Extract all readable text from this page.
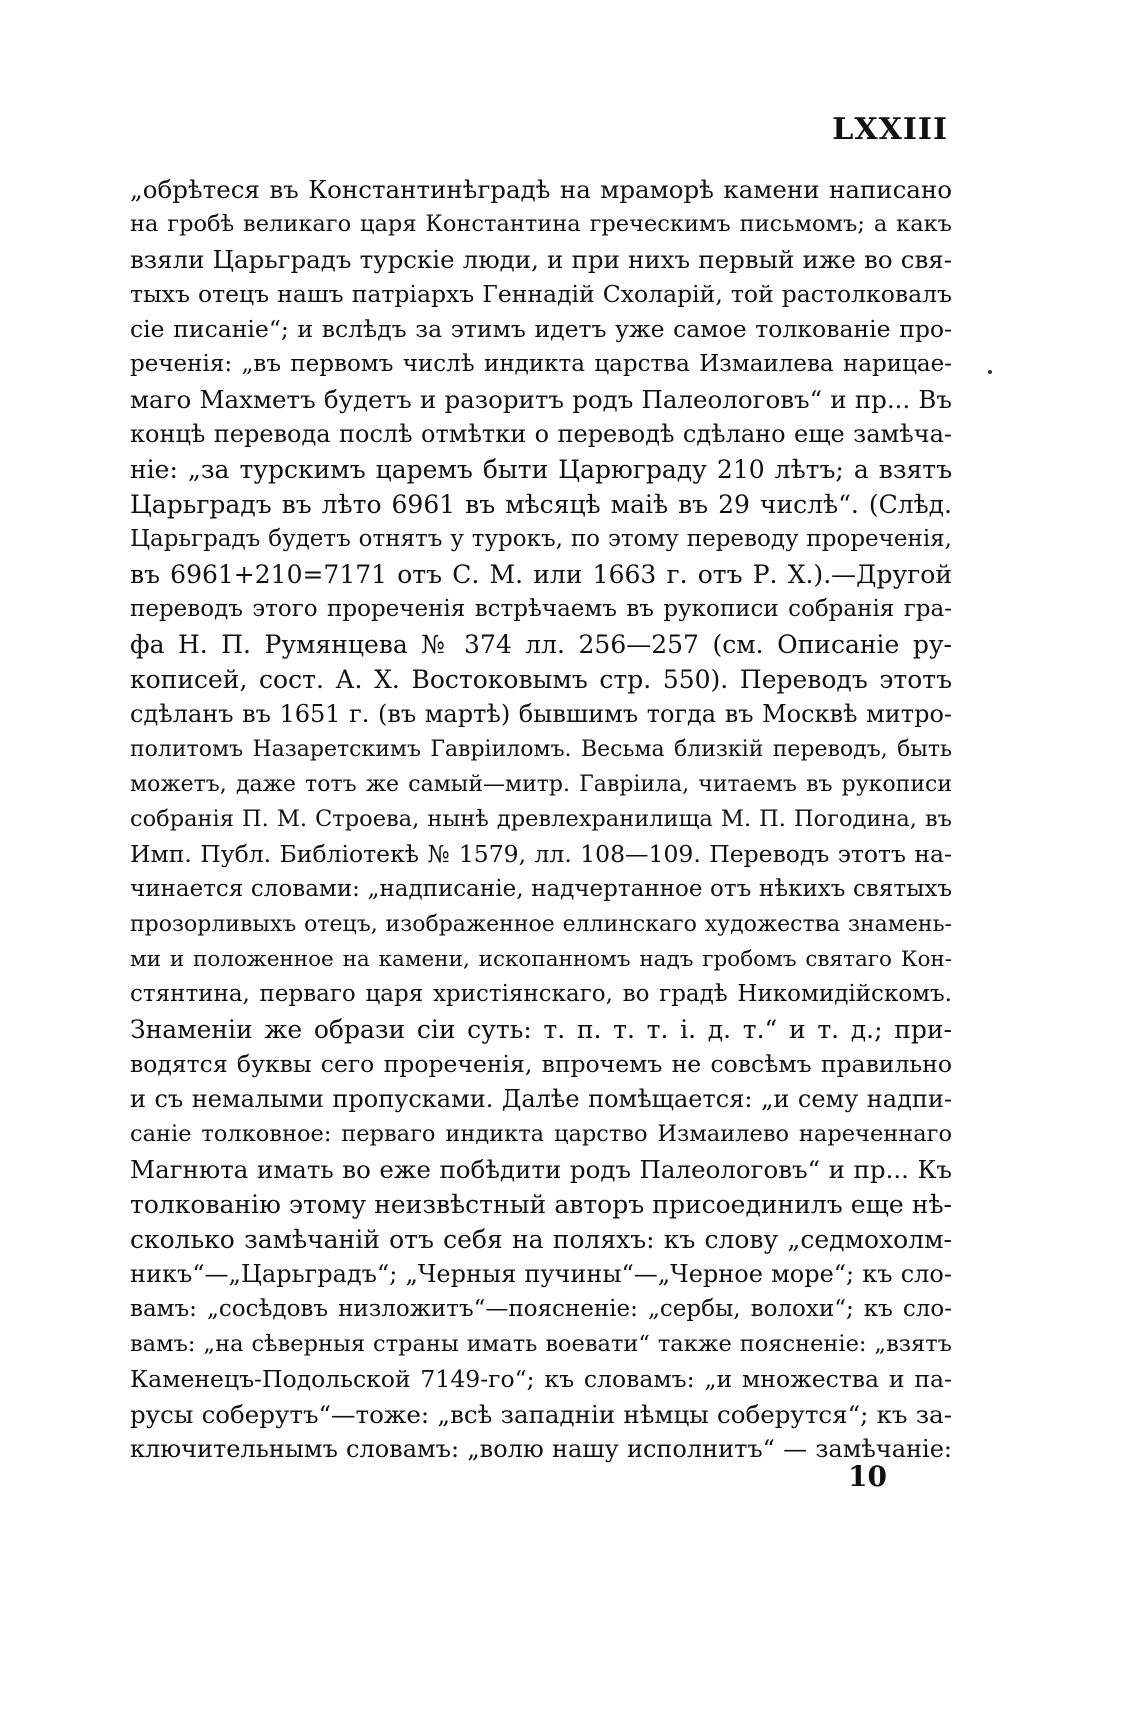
LXXIII
„обрѣтеся въ Константинѣградѣ на мраморѣ камени написано
на гробѣ великаго царя Константина греческимъ письмомъ; а какъ
взяли Царьградъ турскіе люди, и при нихъ первый иже во свя-
тыхъ отецъ нашъ патріархъ Геннадій Схоларій, той растолковалъ
сіе писаніе“; и вслѣдъ за этимъ идетъ уже самое толкованіе про-
реченія: „въ первомъ числѣ индикта царства Измаилева нарицае-
маго Махметъ будетъ и разоритъ родъ Палеологовъ“ и пр... Въ
концѣ перевода послѣ отмѣтки о переводѣ сдѣлано еще замѣча-
ніе: „за турскимъ царемъ быти Царюграду 210 лѣтъ; а взятъ
Царьградъ въ лѣто 6961 въ мѣсяцѣ маіѣ въ 29 числѣ“. (Слѣд.
Царьградъ будетъ отнятъ у турокъ, по этому переводу прореченія,
въ 6961+210=7171 отъ С. М. или 1663 г. отъ Р. Х.).—Другой
переводъ этого прореченія встрѣчаемъ въ рукописи собранія гра-
фа Н. П. Румянцева № 374 лл. 256—257 (см. Описаніе ру-
кописей, сост. А. Х. Востоковымъ стр. 550). Переводъ этотъ
сдѣланъ въ 1651 г. (въ мартѣ) бывшимъ тогда въ Москвѣ митро-
политомъ Назаретскимъ Гавріиломъ. Весьма близкій переводъ, быть
можетъ, даже тотъ же самый—митр. Гавріила, читаемъ въ рукописи
собранія П. М. Строева, нынѣ древлехранилища М. П. Погодина, въ
Имп. Публ. Библіотекѣ № 1579, лл. 108—109. Переводъ этотъ на-
чинается словами: „надписаніе, надчертанное отъ нѣкихъ святыхъ
прозорливыхъ отецъ, изображенное еллинскаго художества знамень-
ми и положенное на камени, ископанномъ надъ гробомъ святаго Кон-
стянтина, перваго царя христіянскаго, во градѣ Никомидійскомъ.
Знаменіи же образи сіи суть: т. п. т. т. і. д. т.“ и т. д.; при-
водятся буквы сего прореченія, впрочемъ не совсѣмъ правильно
и съ немалыми пропусками. Далѣе помѣщается: „и сему надпи-
саніе толковное: перваго индикта царство Измаилево нареченнаго
Магнюта имать во еже побѣдити родъ Палеологовъ“ и пр... Къ
толкованію этому неизвѣстный авторъ присоединилъ еще нѣ-
сколько замѣчаній отъ себя на поляхъ: къ слову „седмохолм-
никъ“—„Царьградъ“; „Черныя пучины“—„Черное море“; къ сло-
вамъ: „сосѣдовъ низложитъ“—поясненіе: „сербы, волохи“; къ сло-
вамъ: „на сѣверныя страны имать воевати“ также поясненіе: „взятъ
Каменецъ-Подольской 7149-го“; къ словамъ: „и множества и па-
русы соберутъ“—тоже: „всѣ западніи нѣмцы соберутся“; къ за-
ключительнымъ словамъ: „волю нашу исполнитъ“ — замѣчаніе:
10
